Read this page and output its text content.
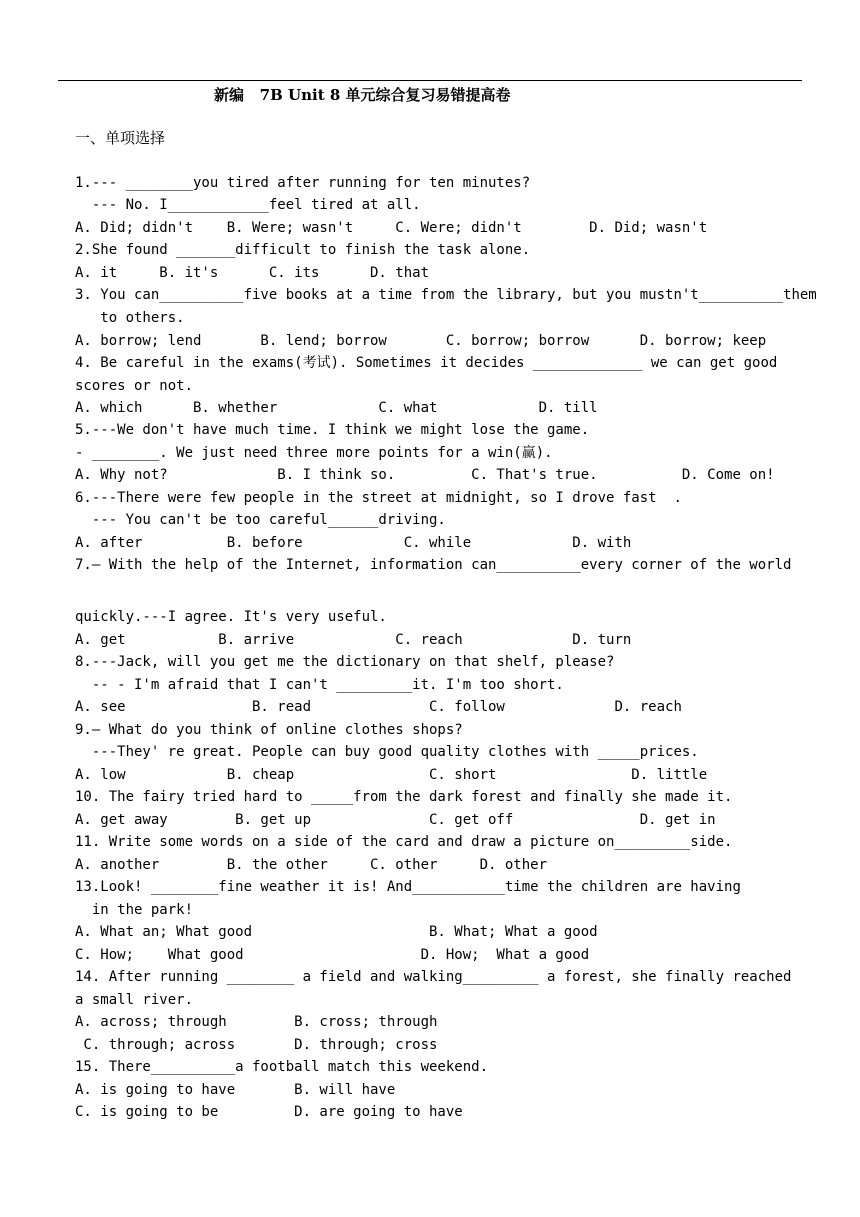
新编   7B Unit 8 单元综合复习易错提高卷
一、单项选择
1.--- ________you tired after running for ten minutes?
--- No. I____________feel tired at all.
A. Did; didn't    B. Were; wasn't     C. Were; didn't        D. Did; wasn't
2.She found _______difficult to finish the task alone.
A. it     B. it's      C. its      D. that
3. You can__________five books at a time from the library, but you mustn't__________them
to others.
A. borrow; lend       B. lend; borrow       C. borrow; borrow      D. borrow; keep
4. Be careful in the exams(考试). Sometimes it decides _____________ we can get good
scores or not.
A. which      B. whether            C. what            D. till
5.---We don't have much time. I think we might lose the game.
- ________. We just need three more points for a win(赢).
A. Why not?             B. I think so.         C. That's true.          D. Come on!
6.---There were few people in the street at midnight, so I drove fast  .
--- You can't be too careful______driving.
A. after          B. before            C. while            D. with
7.— With the help of the Internet, information can__________every corner of the world
quickly.---I agree. It's very useful.
A. get           B. arrive            C. reach             D. turn
8.---Jack, will you get me the dictionary on that shelf, please?
-- - I'm afraid that I can't _________it. I'm too short.
A. see               B. read              C. follow             D. reach
9.— What do you think of online clothes shops?
---They' re great. People can buy good quality clothes with _____prices.
A. low            B. cheap                C. short                D. little
10. The fairy tried hard to _____from the dark forest and finally she made it.
A. get away        B. get up              C. get off               D. get in
11. Write some words on a side of the card and draw a picture on_________side.
A. another        B. the other     C. other     D. other
13.Look! ________fine weather it is! And___________time the children are having
in the park!
A. What an; What good                     B. What; What a good
C. How;    What good                     D. How;  What a good
14. After running ________ a field and walking_________ a forest, she finally reached
a small river.
A. across; through        B. cross; through
C. through; across       D. through; cross
15. There__________a football match this weekend.
A. is going to have       B. will have
C. is going to be         D. are going to have
